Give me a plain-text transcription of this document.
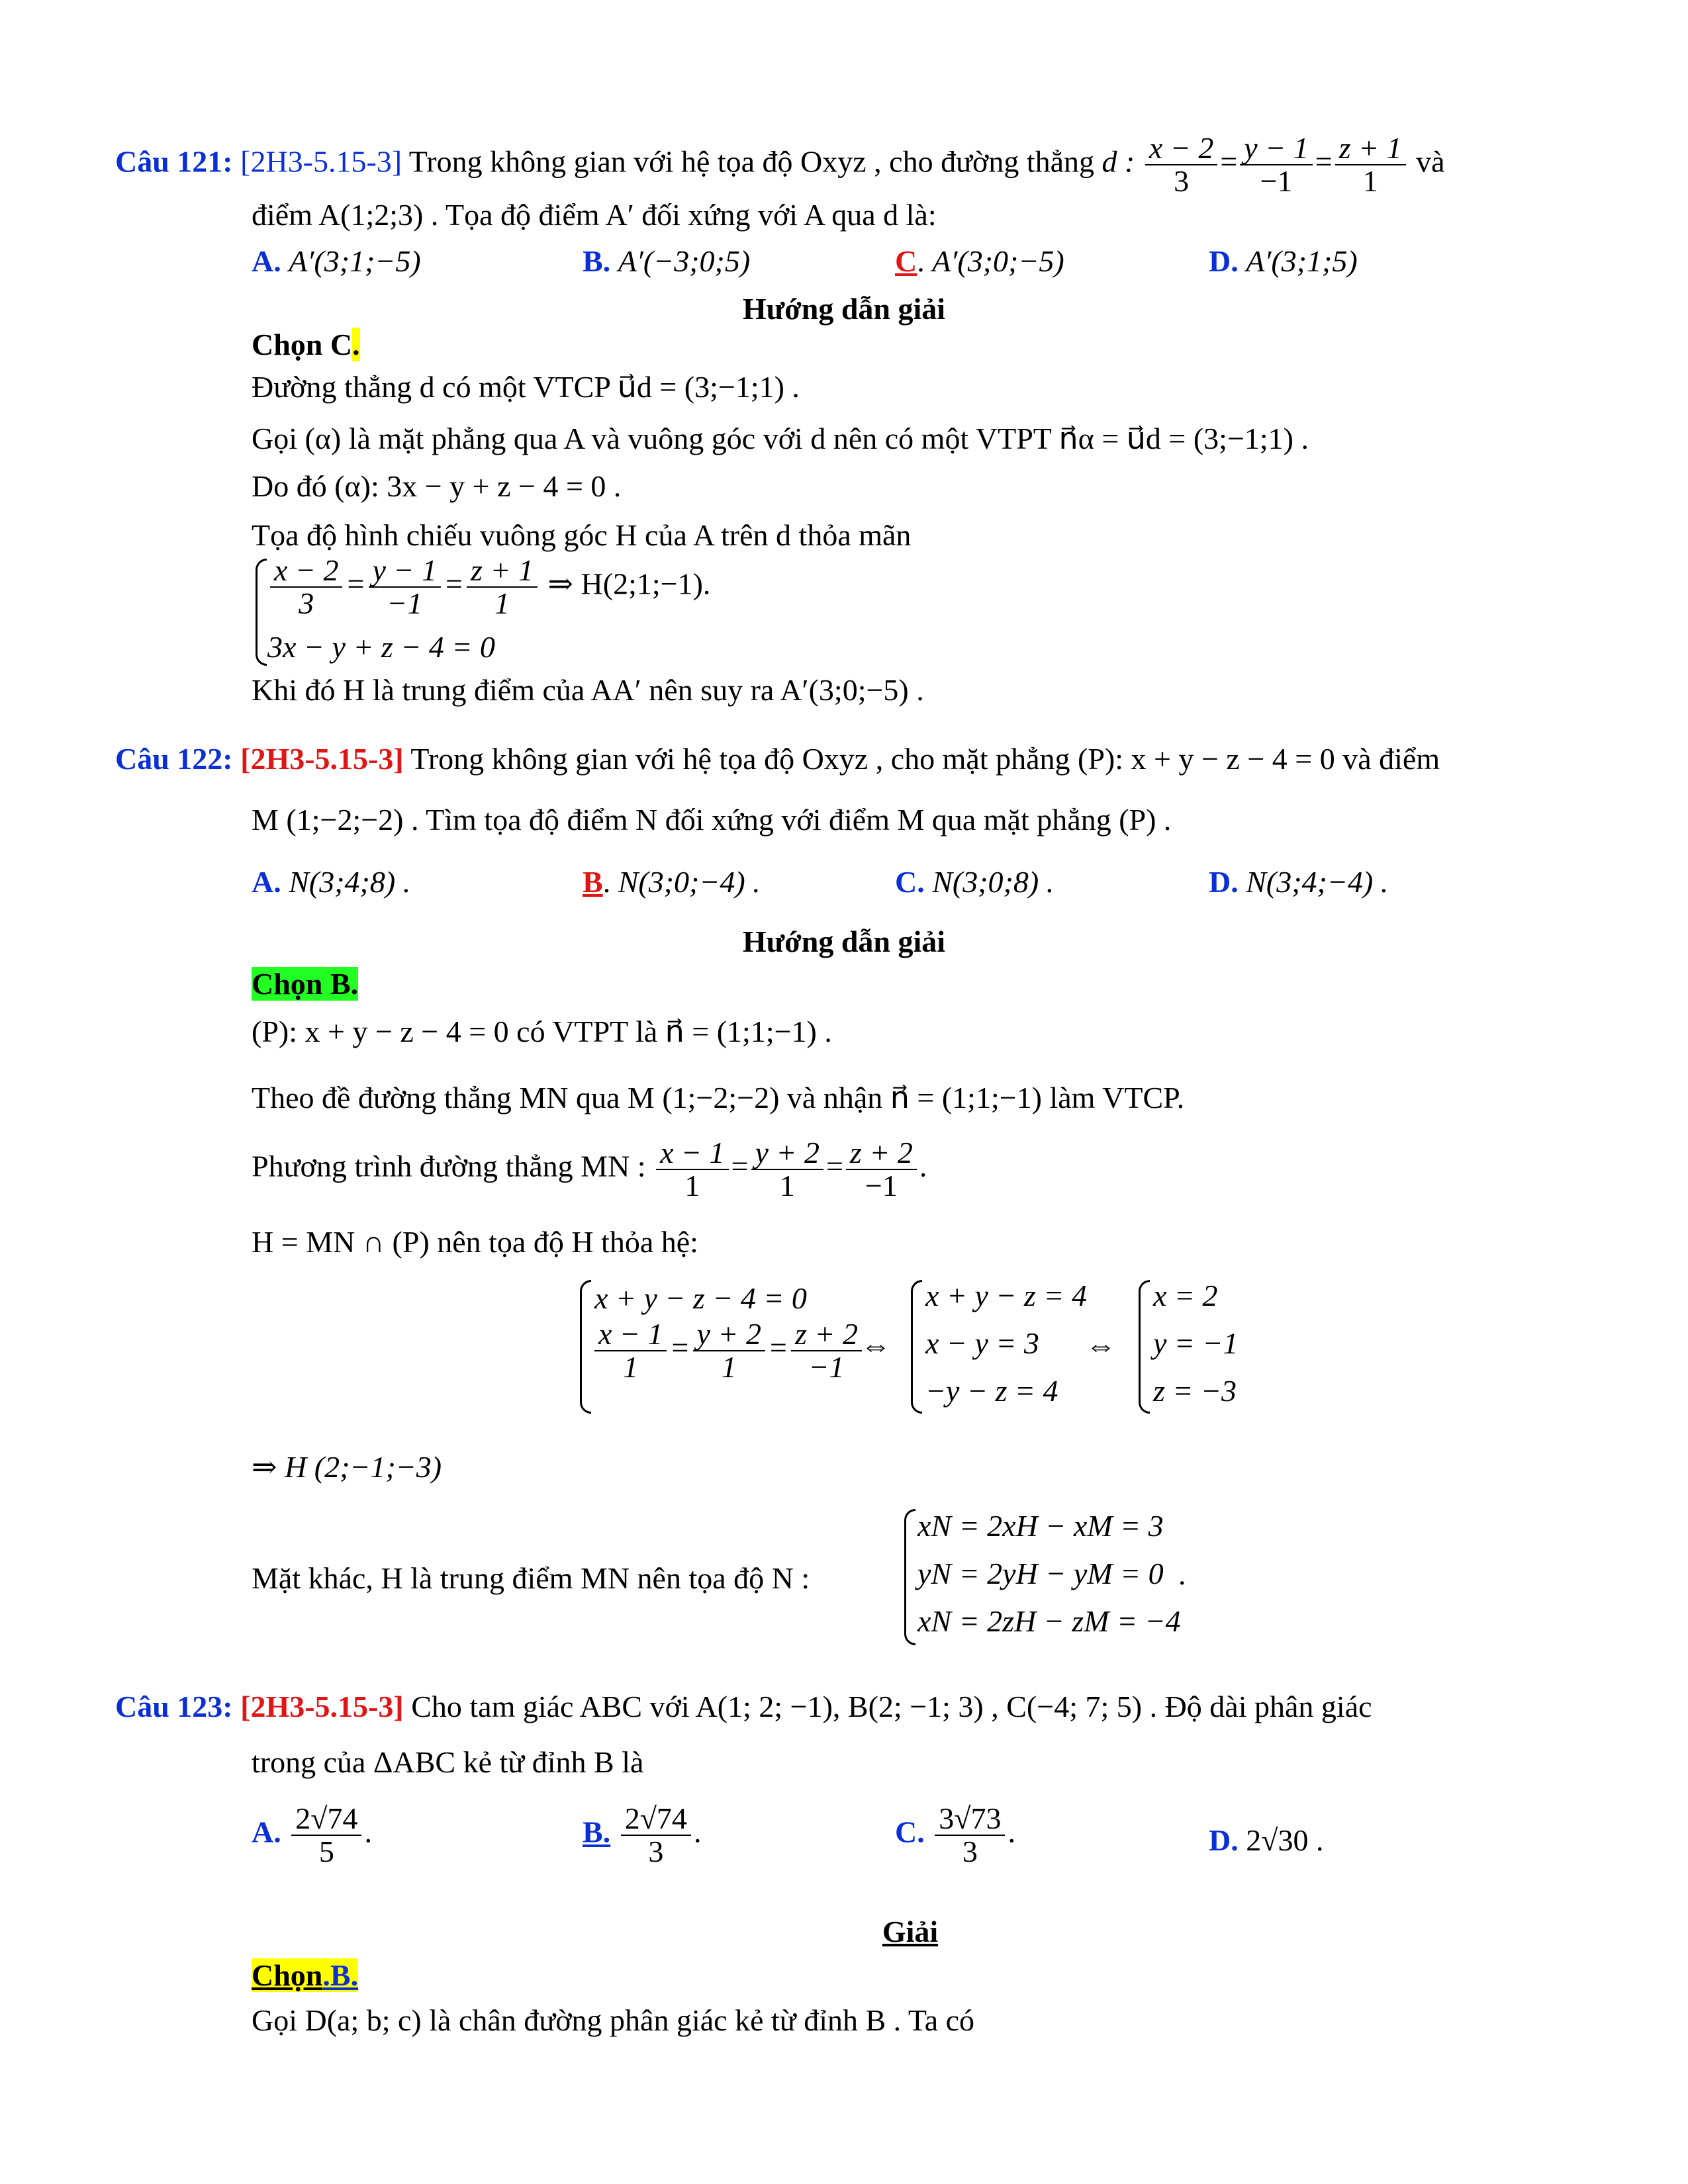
Câu 121: [2H3-5.15-3] Trong không gian với hệ tọa độ Oxyz , cho đường thẳng d : $\frac{x - 2}{3} = \frac{y - 1}{-1} = \frac{z + 1}{1}$ và
điểm A(1;2;3) . Tọa độ điểm A′ đối xứng với A qua d là:
A. A′(3;1;−5)	B. A′(−3;0;5)	C. A′(3;0;−5)	D. A′(3;1;5)
Hướng dẫn giải
Chọn C.
Đường thẳng d có một VTCP u⃗d = (3;−1;1) .
Gọi (α) là mặt phẳng qua A và vuông góc với d nên có một VTPT n⃗α = u⃗d = (3;−1;1) .
Do đó (α): 3x − y + z − 4 = 0 .
Tọa độ hình chiếu vuông góc H của A trên d thỏa mãn
$\frac{x - 2}{3} = \frac{y - 1}{-1} = \frac{z + 1}{1}$ ⇒ H(2;1;−1).
3x − y + z − 4 = 0
Khi đó H là trung điểm của AA′ nên suy ra A′(3;0;−5) .
Câu 122: [2H3-5.15-3] Trong không gian với hệ tọa độ Oxyz , cho mặt phẳng (P): x + y − z − 4 = 0 và điểm
M (1;−2;−2) . Tìm tọa độ điểm N đối xứng với điểm M qua mặt phẳng (P) .
A. N(3;4;8) .	B. N(3;0;−4) .	C. N(3;0;8) .	D. N(3;4;−4) .
Hướng dẫn giải
Chọn B.
(P): x + y − z − 4 = 0 có VTPT là n⃗ = (1;1;−1) .
Theo đề đường thẳng MN qua M (1;−2;−2) và nhận n⃗ = (1;1;−1) làm VTCP.
Phương trình đường thẳng MN : $\frac{x - 1}{1} = \frac{y + 2}{1} = \frac{z + 2}{-1}$ .
H = MN ∩ (P) nên tọa độ H thỏa hệ:
x + y − z − 4 = 0
$\frac{x - 1}{1} = \frac{y + 2}{1} = \frac{z + 2}{-1}$
⇔
x + y − z = 4
x − y = 3
−y − z = 4
⇔
x = 2
y = −1
z = −3
⇒ H (2;−1;−3)
Mặt khác, H là trung điểm MN nên tọa độ N :
xN = 2xH − xM = 3
yN = 2yH − yM = 0
xN = 2zH − zM = −4
.
Câu 123: [2H3-5.15-3] Cho tam giác ABC với A(1; 2; −1), B(2; −1; 3) , C(−4; 7; 5) . Độ dài phân giác
trong của ΔABC kẻ từ đỉnh B là
A. $\frac{2√74}{5}$ .	B. $\frac{2√74}{3}$ .	C. $\frac{3√73}{3}$ .	D. 2√30 .
Giải
Chọn.B.
Gọi D(a; b; c) là chân đường phân giác kẻ từ đỉnh B . Ta có
